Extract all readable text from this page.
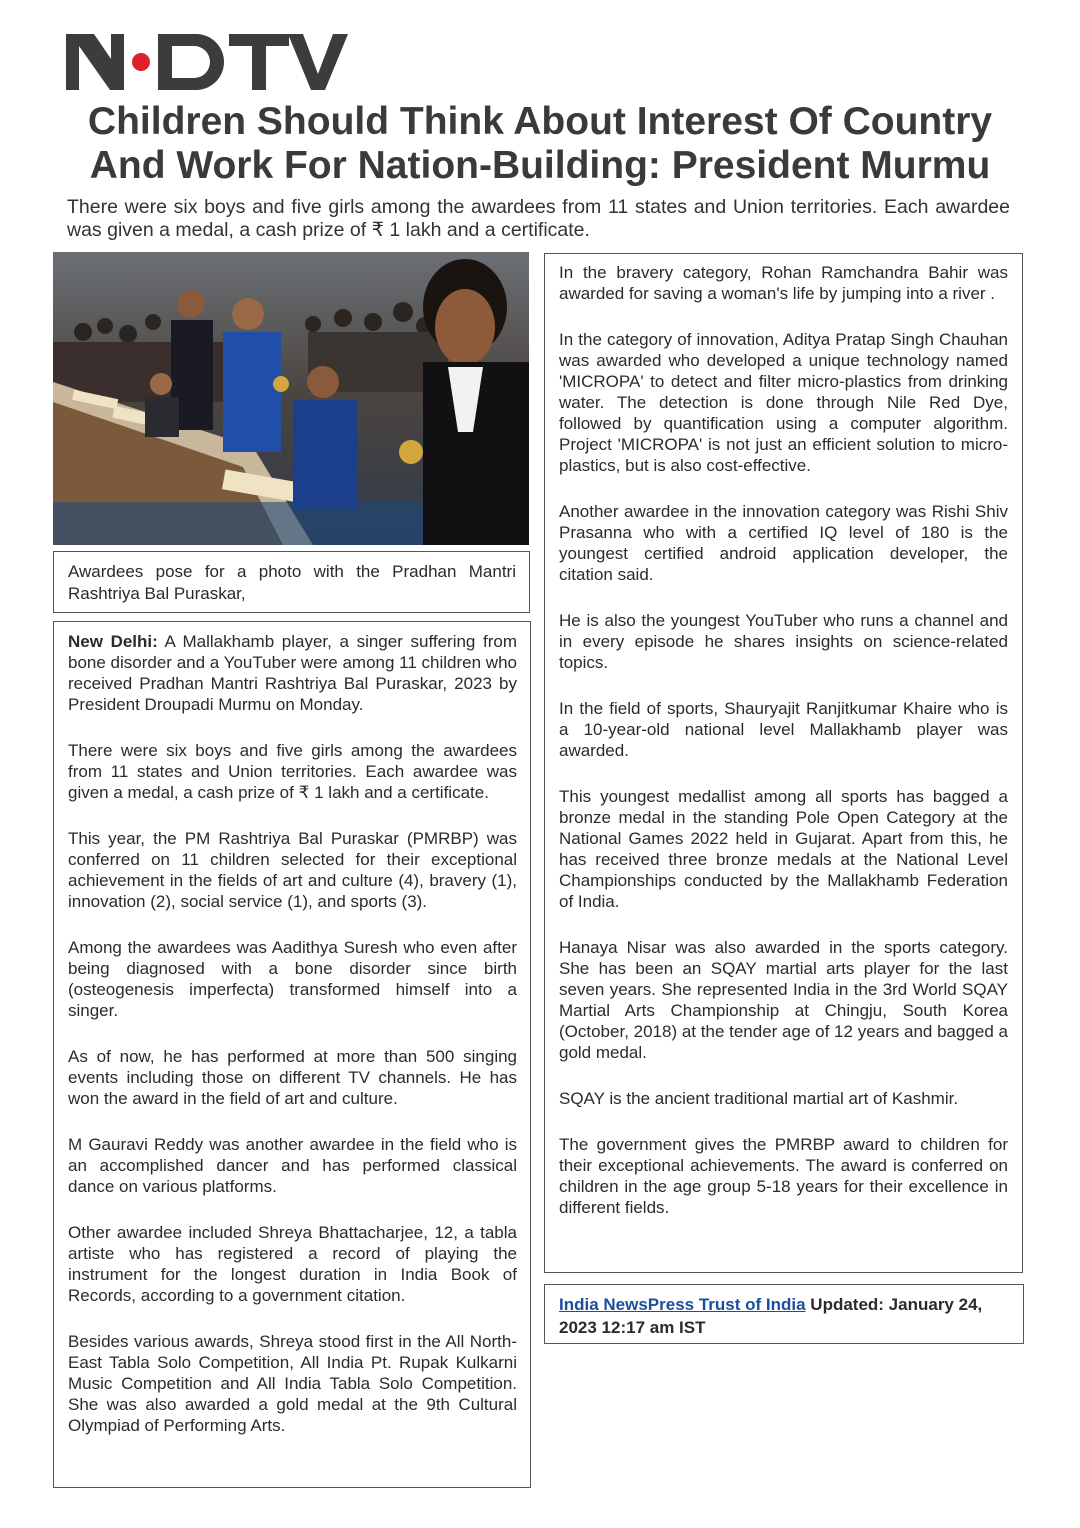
Children Should Think About Interest Of Country
And Work For Nation-Building: President Murmu

There were six boys and five girls among the awardees from 11 states and Union territories. Each awardee was given a medal, a cash prize of ₹ 1 lakh and a certificate.

Awardees pose for a photo with the Pradhan Mantri Rashtriya Bal Puraskar,

New Delhi: A Mallakhamb player, a singer suffering from bone disorder and a YouTuber were among 11 children who received Pradhan Mantri Rashtriya Bal Puraskar, 2023 by President Droupadi Murmu on Monday.

There were six boys and five girls among the awardees from 11 states and Union territories. Each awardee was given a medal, a cash prize of ₹ 1 lakh and a certificate.

This year, the PM Rashtriya Bal Puraskar (PMRBP) was conferred on 11 children selected for their exceptional achievement in the fields of art and culture (4), bravery (1), innovation (2), social service (1), and sports (3).

Among the awardees was Aadithya Suresh who even after being diagnosed with a bone disorder since birth (osteogenesis imperfecta) transformed himself into a singer.

As of now, he has performed at more than 500 singing events including those on different TV channels. He has won the award in the field of art and culture.

M Gauravi Reddy was another awardee in the field who is an accomplished dancer and has performed classical dance on various platforms.

Other awardee included Shreya Bhattacharjee, 12, a tabla artiste who has registered a record of playing the instrument for the longest duration in India Book of Records, according to a government citation.

Besides various awards, Shreya stood first in the All North-East Tabla Solo Competition, All India Pt. Rupak Kulkarni Music Competition and All India Tabla Solo Competition. She was also awarded a gold medal at the 9th Cultural Olympiad of Performing Arts.

In the bravery category, Rohan Ramchandra Bahir was awarded for saving a woman's life by jumping into a river .

In the category of innovation, Aditya Pratap Singh Chauhan was awarded who developed a unique technology named 'MICROPA' to detect and filter micro-plastics from drinking water. The detection is done through Nile Red Dye, followed by quantification using a computer algorithm. Project 'MICROPA' is not just an efficient solution to micro- plastics, but is also cost-effective.

Another awardee in the innovation category was Rishi Shiv Prasanna who with a certified IQ level of 180 is the youngest certified android application developer, the citation said.

He is also the youngest YouTuber who runs a channel and in every episode he shares insights on science-related topics.

In the field of sports, Shauryajit Ranjitkumar Khaire who is a 10-year-old national level Mallakhamb player was awarded.

This youngest medallist among all sports has bagged a bronze medal in the standing Pole Open Category at the National Games 2022 held in Gujarat. Apart from this, he has received three bronze medals at the National Level Championships conducted by the Mallakhamb Federation of India.

Hanaya Nisar was also awarded in the sports category. She has been an SQAY martial arts player for the last seven years. She represented India in the 3rd World SQAY Martial Arts Championship at Chingju, South Korea (October, 2018) at the tender age of 12 years and bagged a gold medal.

SQAY is the ancient traditional martial art of Kashmir.

The government gives the PMRBP award to children for their exceptional achievements. The award is conferred on children in the age group 5-18 years for their excellence in different fields.

India NewsPress Trust of India Updated: January 24, 2023 12:17 am IST
